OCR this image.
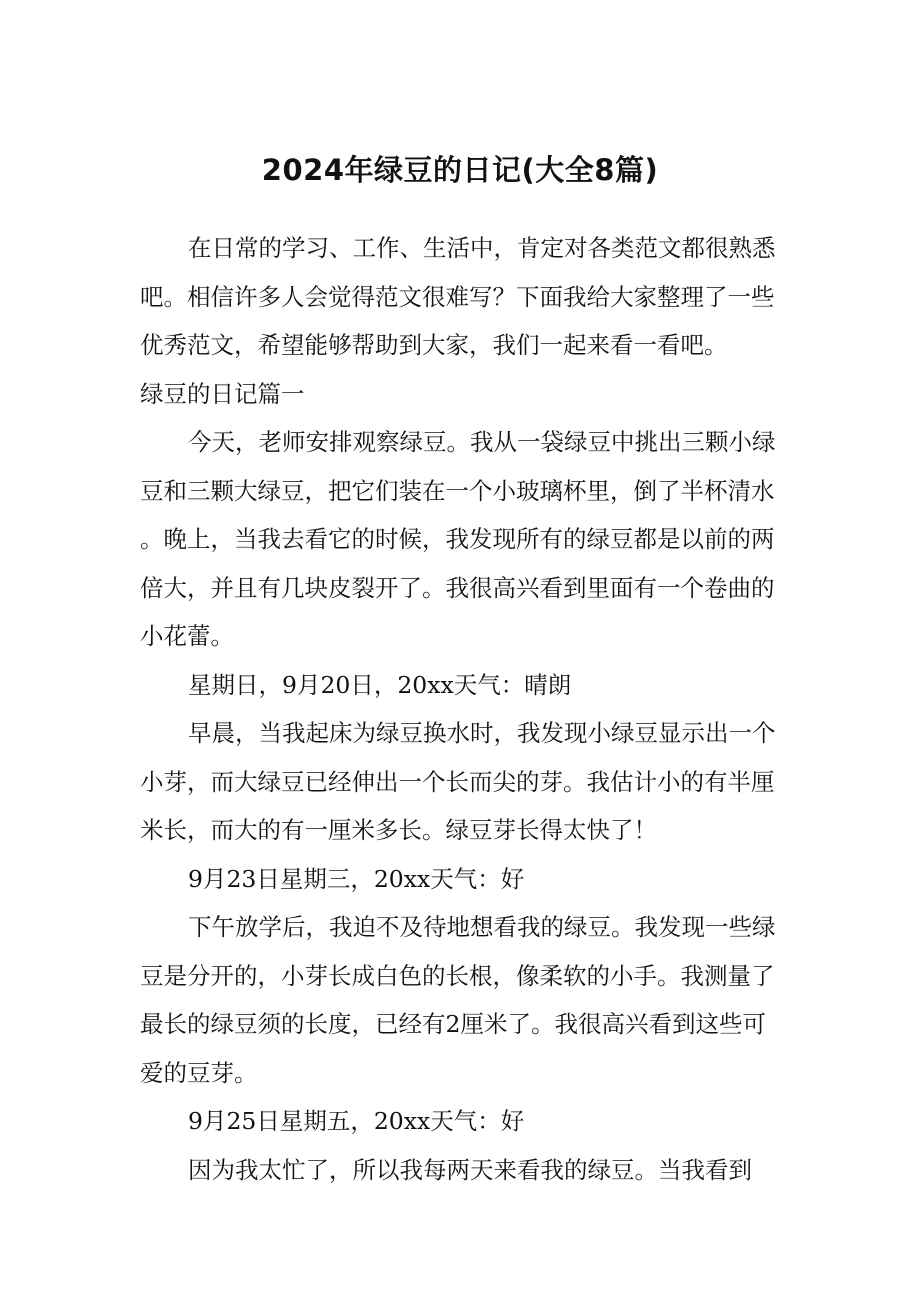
2024年绿豆的日记(大全8篇)

在日常的学习、工作、生活中，肯定对各类范文都很熟悉吧。相信许多人会觉得范文很难写？下面我给大家整理了一些优秀范文，希望能够帮助到大家，我们一起来看一看吧。

绿豆的日记篇一

今天，老师安排观察绿豆。我从一袋绿豆中挑出三颗小绿豆和三颗大绿豆，把它们装在一个小玻璃杯里，倒了半杯清水。晚上，当我去看它的时候，我发现所有的绿豆都是以前的两倍大，并且有几块皮裂开了。我很高兴看到里面有一个卷曲的小花蕾。

星期日，9月20日，20xx天气：晴朗

早晨，当我起床为绿豆换水时，我发现小绿豆显示出一个小芽，而大绿豆已经伸出一个长而尖的芽。我估计小的有半厘米长，而大的有一厘米多长。绿豆芽长得太快了！

9月23日星期三，20xx天气：好

下午放学后，我迫不及待地想看我的绿豆。我发现一些绿豆是分开的，小芽长成白色的长根，像柔软的小手。我测量了最长的绿豆须的长度，已经有2厘米了。我很高兴看到这些可爱的豆芽。

9月25日星期五，20xx天气：好

因为我太忙了，所以我每两天来看我的绿豆。当我看到
